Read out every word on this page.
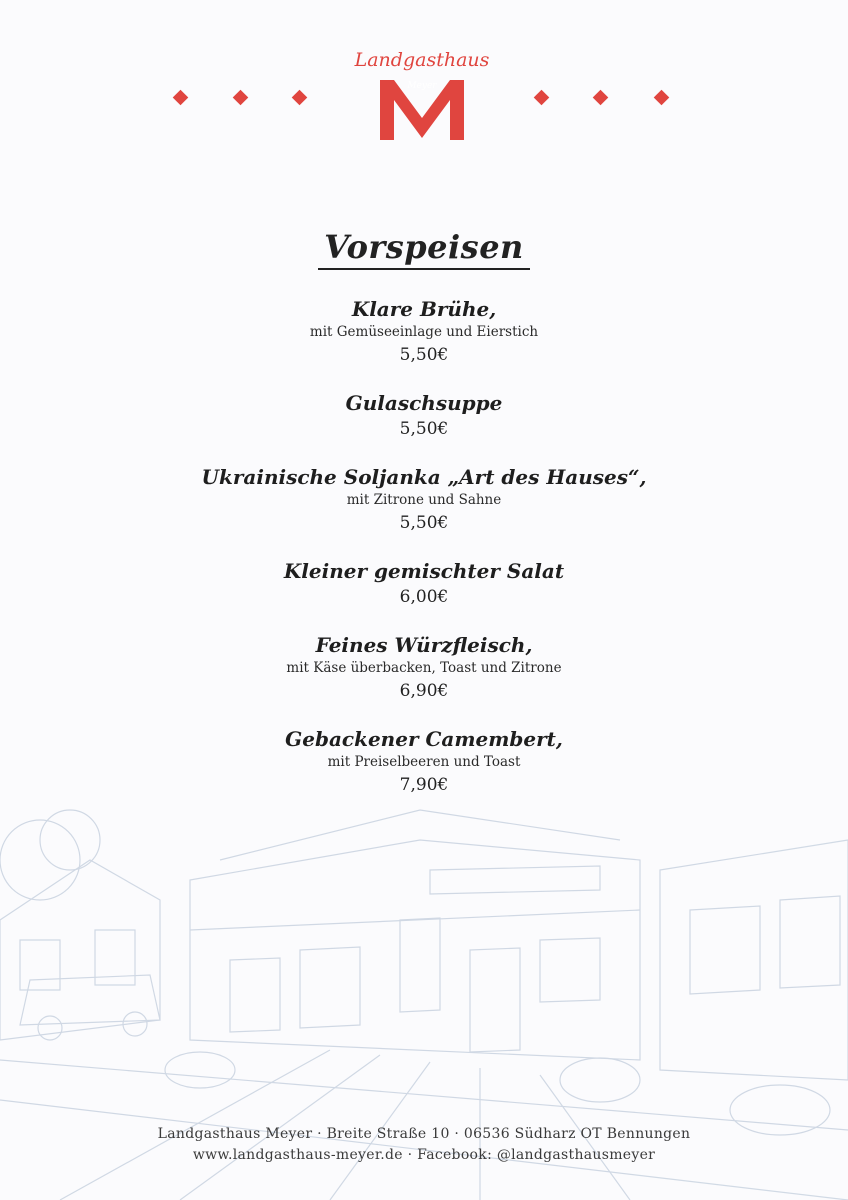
Landgasthaus
Meyer
Vorspeisen
Klare Brühe,
mit Gemüseeinlage und Eierstich
5,50€
Gulaschsuppe
5,50€
Ukrainische Soljanka „Art des Hauses“,
mit Zitrone und Sahne
5,50€
Kleiner gemischter Salat
6,00€
Feines Würzfleisch,
mit Käse überbacken, Toast und Zitrone
6,90€
Gebackener Camembert,
mit Preiselbeeren und Toast
7,90€
Landgasthaus Meyer · Breite Straße 10 · 06536 Südharz OT Bennungen
www.landgasthaus-meyer.de · Facebook: @landgasthausmeyer
